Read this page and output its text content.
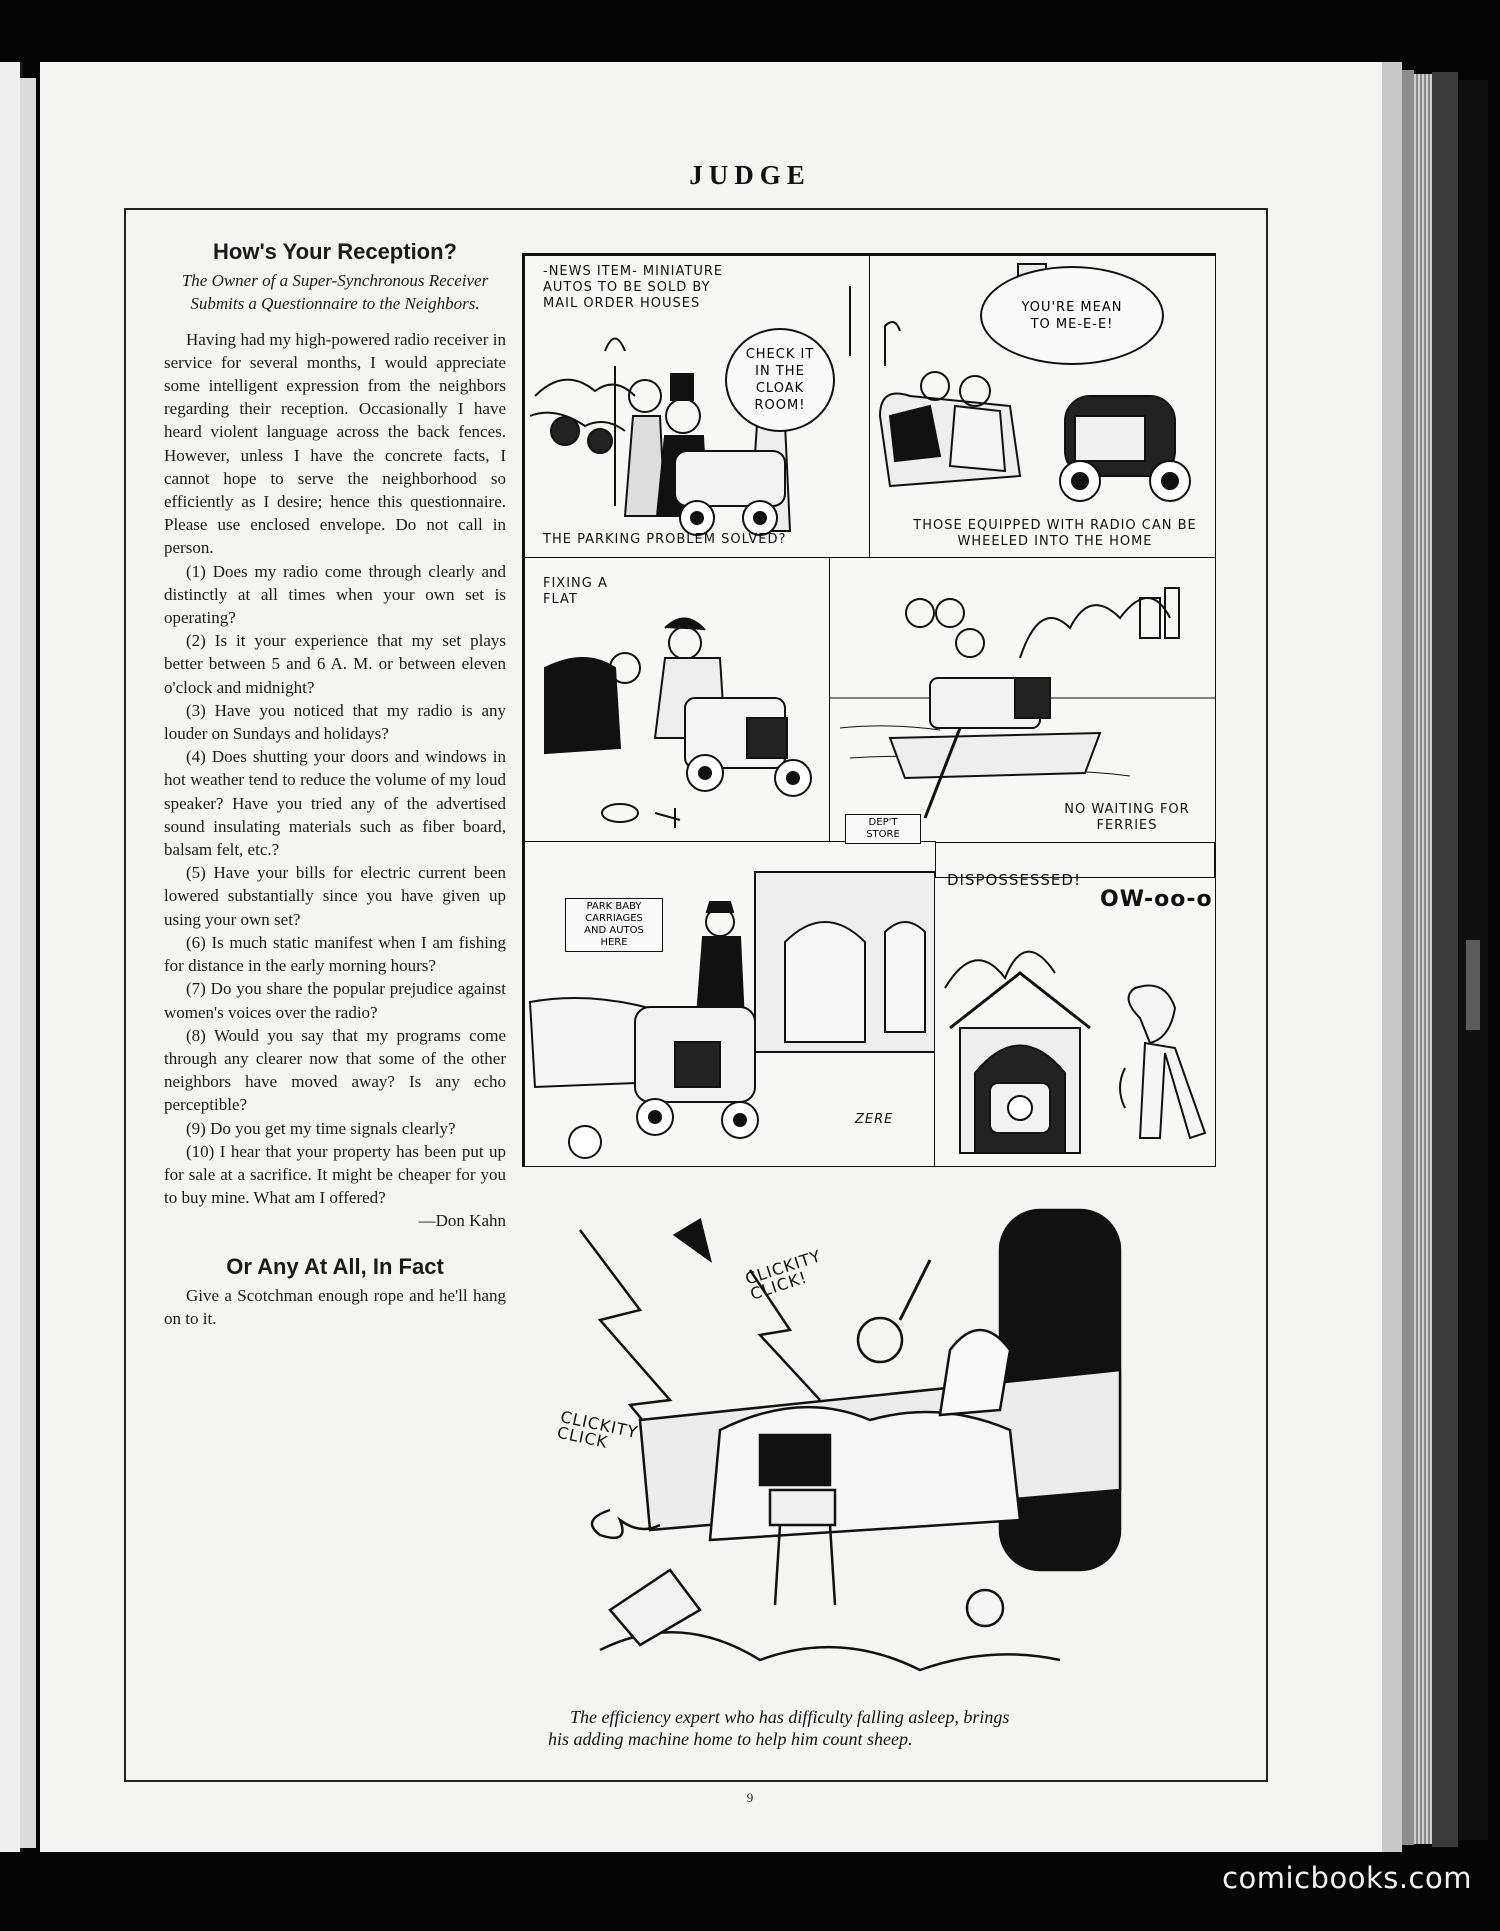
JUDGE
How's Your Reception?
The Owner of a Super-Synchronous Receiver Submits a Questionnaire to the Neighbors.

Having had my high-powered radio receiver in service for several months, I would appreciate some intelligent expression from the neighbors regarding their reception. Occasionally I have heard violent language across the back fences. However, unless I have the concrete facts, I cannot hope to serve the neighborhood so efficiently as I desire; hence this questionnaire. Please use enclosed envelope. Do not call in person.

(1) Does my radio come through clearly and distinctly at all times when your own set is operating?

(2) Is it your experience that my set plays better between 5 and 6 A. M. or between eleven o'clock and midnight?

(3) Have you noticed that my radio is any louder on Sundays and holidays?

(4) Does shutting your doors and windows in hot weather tend to reduce the volume of my loud speaker? Have you tried any of the advertised sound insulating materials such as fiber board, balsam felt, etc.?

(5) Have your bills for electric current been lowered substantially since you have given up using your own set?

(6) Is much static manifest when I am fishing for distance in the early morning hours?

(7) Do you share the popular prejudice against women's voices over the radio?

(8) Would you say that my programs come through any clearer now that some of the other neighbors have moved away? Is any echo perceptible?

(9) Do you get my time signals clearly?

(10) I hear that your property has been put up for sale at a sacrifice. It might be cheaper for you to buy mine. What am I offered?

—Don Kahn
Or Any At All, In Fact

Give a Scotchman enough rope and he'll hang on to it.

-NEWS ITEM- MINIATURE AUTOS TO BE SOLD BY MAIL ORDER HOUSES
CHECK IT
IN THE
CLOAK
ROOM!
THE PARKING PROBLEM SOLVED?
YOU'RE MEAN
TO ME-E-E!
THOSE EQUIPPED WITH RADIO CAN BE WHEELED INTO THE HOME
FIXING A FLAT
NO WAITING FOR FERRIES
DEP'T
STORE
PARK BABY
CARRIAGES
AND AUTOS
HERE
ZERE
DISPOSSESSED!
OW-oo-o
CLICKITY CLICK!
CLICKITY CLICK
The efficiency expert who has difficulty falling asleep, brings
his adding machine home to help him count sheep.
9
comicbooks.com
